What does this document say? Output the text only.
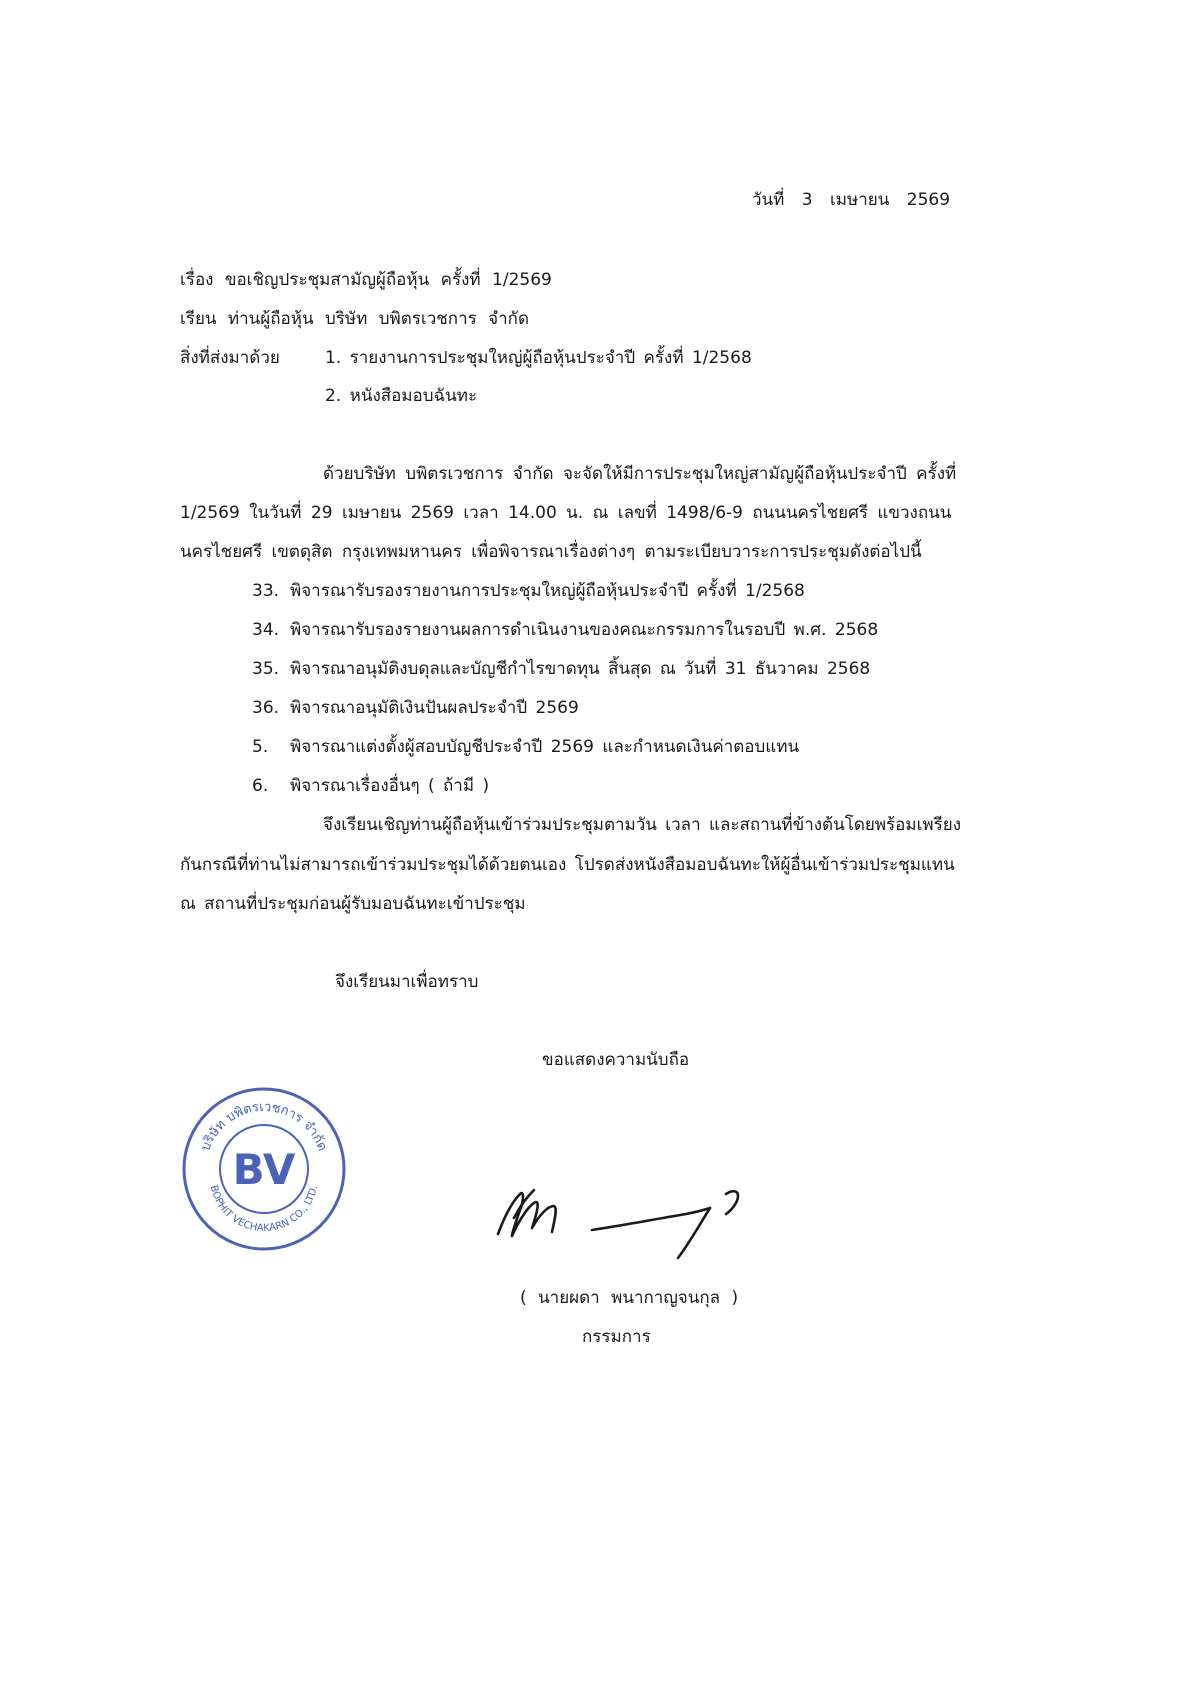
วันที่ 3 เมษายน 2569
เรื่อง ขอเชิญประชุมสามัญผู้ถือหุ้น ครั้งที่ 1/2569
เรียน ท่านผู้ถือหุ้น บริษัท บพิตรเวชการ จำกัด
สิ่งที่ส่งมาด้วย	1. รายงานการประชุมใหญ่ผู้ถือหุ้นประจำปี ครั้งที่ 1/2568
2. หนังสือมอบฉันทะ
ด้วยบริษัท บพิตรเวชการ จำกัด จะจัดให้มีการประชุมใหญ่สามัญผู้ถือหุ้นประจำปี ครั้งที่
1/2569 ในวันที่ 29 เมษายน 2569 เวลา 14.00 น. ณ เลขที่ 1498/6-9 ถนนนครไชยศรี แขวงถนน
นครไชยศรี เขตดุสิต กรุงเทพมหานคร เพื่อพิจารณาเรื่องต่างๆ ตามระเบียบวาระการประชุมดังต่อไปนี้
33. พิจารณารับรองรายงานการประชุมใหญ่ผู้ถือหุ้นประจำปี ครั้งที่ 1/2568
34. พิจารณารับรองรายงานผลการดำเนินงานของคณะกรรมการในรอบปี พ.ศ. 2568
35. พิจารณาอนุมัติงบดุลและบัญชีกำไรขาดทุน สิ้นสุด ณ วันที่ 31 ธันวาคม 2568
36. พิจารณาอนุมัติเงินปันผลประจำปี 2569
5.	พิจารณาแต่งตั้งผู้สอบบัญชีประจำปี 2569 และกำหนดเงินค่าตอบแทน
6.	พิจารณาเรื่องอื่นๆ ( ถ้ามี )
จึงเรียนเชิญท่านผู้ถือหุ้นเข้าร่วมประชุมตามวัน เวลา และสถานที่ข้างต้นโดยพร้อมเพรียง
กันกรณีที่ท่านไม่สามารถเข้าร่วมประชุมได้ด้วยตนเอง โปรดส่งหนังสือมอบฉันทะให้ผู้อื่นเข้าร่วมประชุมแทน
ณ สถานที่ประชุมก่อนผู้รับมอบฉันทะเข้าประชุม
จึงเรียนมาเพื่อทราบ
ขอแสดงความนับถือ
บริษัท บพิตรเวชการ จำกัด
BOPHIT VECHAKARN CO., LTD.
BV
( นายผดา พนากาญจนกุล )
กรรมการ
